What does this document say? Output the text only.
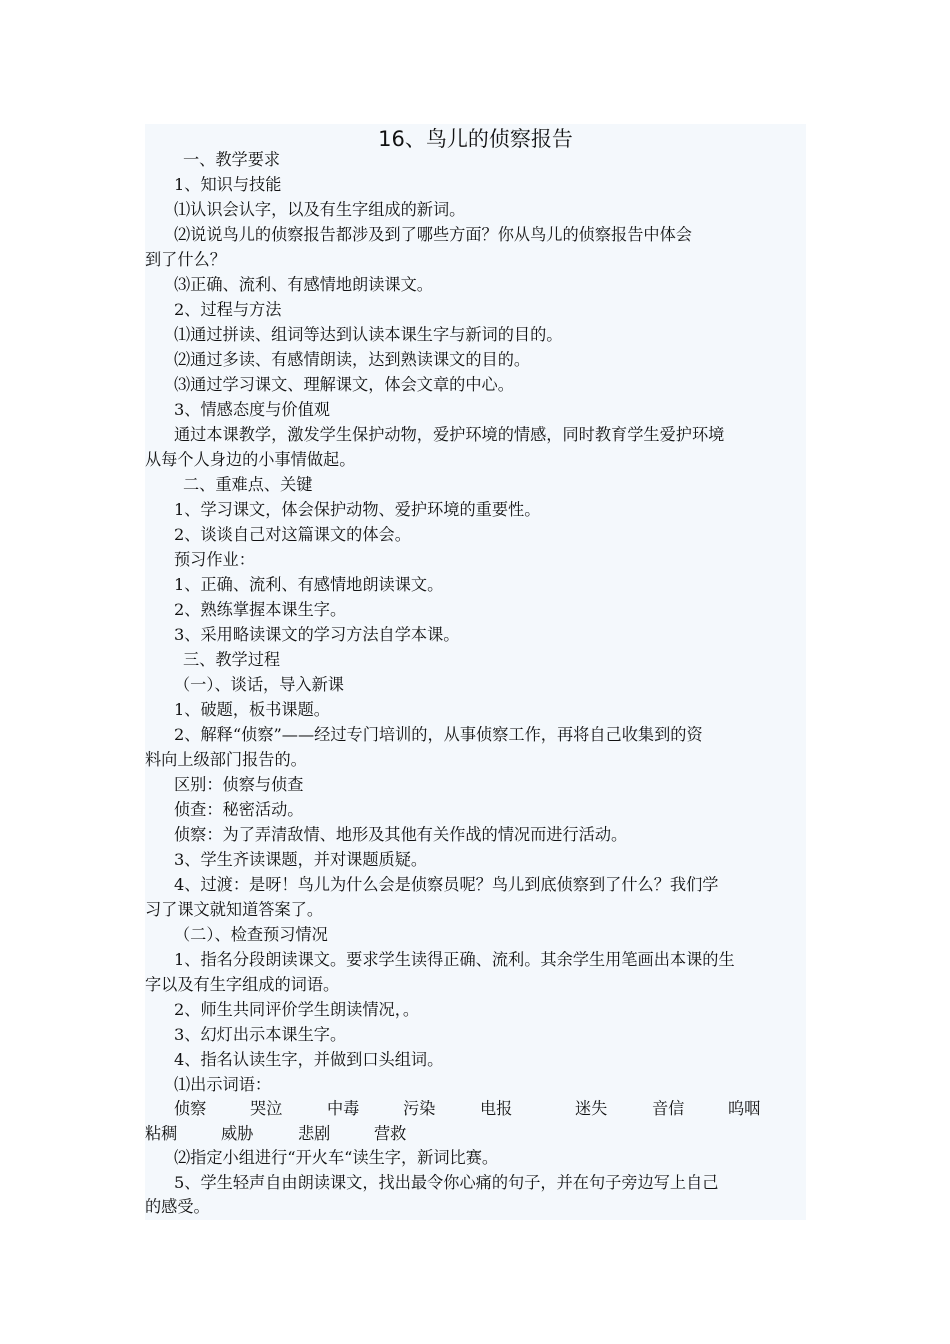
16、鸟儿的侦察报告
一、教学要求
1、知识与技能
⑴认识会认字，以及有生字组成的新词。
⑵说说鸟儿的侦察报告都涉及到了哪些方面？你从鸟儿的侦察报告中体会
到了什么？
⑶正确、流利、有感情地朗读课文。
2、过程与方法
⑴通过拼读、组词等达到认读本课生字与新词的目的。
⑵通过多读、有感情朗读，达到熟读课文的目的。
⑶通过学习课文、理解课文，体会文章的中心。
3、情感态度与价值观
通过本课教学，激发学生保护动物，爱护环境的情感，同时教育学生爱护环境
从每个人身边的小事情做起。
二、重难点、关键
1、学习课文，体会保护动物、爱护环境的重要性。
2、谈谈自己对这篇课文的体会。
预习作业：
1、正确、流利、有感情地朗读课文。
2、熟练掌握本课生字。
3、采用略读课文的学习方法自学本课。
三、教学过程
（一）、谈话，导入新课
1、破题，板书课题。
2、解释“侦察”——经过专门培训的，从事侦察工作，再将自己收集到的资
料向上级部门报告的。
区别：侦察与侦查
侦查：秘密活动。
侦察：为了弄清敌情、地形及其他有关作战的情况而进行活动。
3、学生齐读课题，并对课题质疑。
4、过渡：是呀！鸟儿为什么会是侦察员呢？鸟儿到底侦察到了什么？我们学
习了课文就知道答案了。
（二）、检查预习情况
1、指名分段朗读课文。要求学生读得正确、流利。其余学生用笔画出本课的生
字以及有生字组成的词语。
2、师生共同评价学生朗读情况，。
3、幻灯出示本课生字。
4、指名认读生字，并做到口头组词。
⑴出示词语：
侦察	哭泣	中毒	污染	电报	迷失	音信	呜咽
粘稠	威胁	悲剧	营救
⑵指定小组进行“开火车“读生字，新词比赛。
5、学生轻声自由朗读课文，找出最令你心痛的句子，并在句子旁边写上自己
的感受。
